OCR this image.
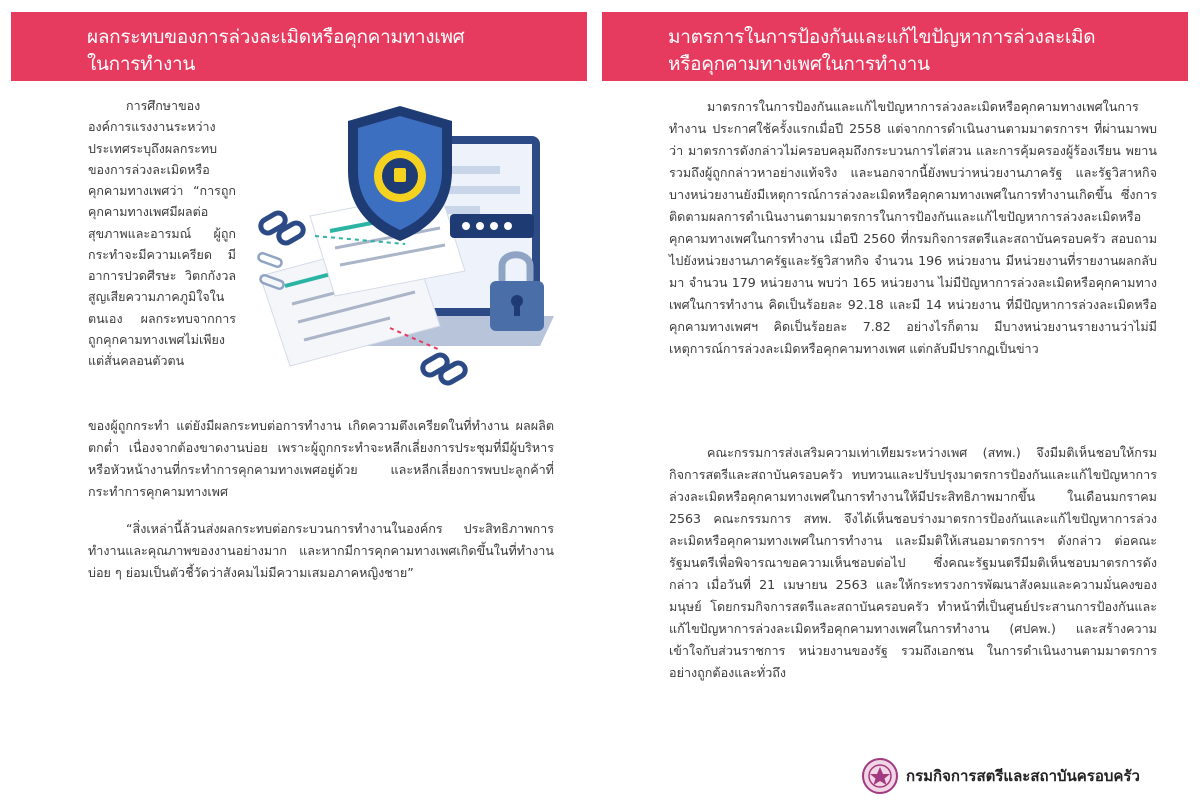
ผลกระทบของการล่วงละเมิดหรือคุกคามทางเพศ
ในการทำงาน
มาตรการในการป้องกันและแก้ไขปัญหาการล่วงละเมิด
หรือคุกคามทางเพศในการทำงาน

การศึกษาขององค์การแรงงานระหว่างประเทศระบุถึงผลกระทบของการล่วงละเมิดหรือคุกคามทางเพศว่า “การถูกคุกคามทางเพศมีผลต่อสุขภาพและอารมณ์ ผู้ถูกกระทำจะมีความเครียด มีอาการปวดศีรษะ วิตกกังวล สูญเสียความภาคภูมิใจในตนเอง ผลกระทบจากการถูกคุกคามทางเพศไม่เพียงแต่สั่นคลอนตัวตน

ของผู้ถูกกระทำ แต่ยังมีผลกระทบต่อการทำงาน เกิดความตึงเครียดในที่ทำงาน ผลผลิตตกต่ำ เนื่องจากต้องขาดงานบ่อย เพราะผู้ถูกกระทำจะหลีกเลี่ยงการประชุมที่มีผู้บริหารหรือหัวหน้างานที่กระทำการคุกคามทางเพศอยู่ด้วย และหลีกเลี่ยงการพบปะลูกค้าที่กระทำการคุกคามทางเพศ

“สิ่งเหล่านี้ล้วนส่งผลกระทบต่อกระบวนการทำงานในองค์กร ประสิทธิภาพการทำงานและคุณภาพของงานอย่างมาก และหากมีการคุกคามทางเพศเกิดขึ้นในที่ทำงานบ่อย ๆ ย่อมเป็นตัวชี้วัดว่าสังคมไม่มีความเสมอภาคหญิงชาย”

มาตรการในการป้องกันและแก้ไขปัญหาการล่วงละเมิดหรือคุกคามทางเพศในการทำงาน ประกาศใช้ครั้งแรกเมื่อปี 2558 แต่จากการดำเนินงานตามมาตรการฯ ที่ผ่านมาพบว่า มาตรการดังกล่าวไม่ครอบคลุมถึงกระบวนการไต่สวน และการคุ้มครองผู้ร้องเรียน พยาน รวมถึงผู้ถูกกล่าวหาอย่างแท้จริง และนอกจากนี้ยังพบว่าหน่วยงานภาครัฐ และรัฐวิสาหกิจบางหน่วยงานยังมีเหตุการณ์การล่วงละเมิดหรือคุกคามทางเพศในการทำงานเกิดขึ้น ซึ่งการติดตามผลการดำเนินงานตามมาตรการในการป้องกันและแก้ไขปัญหาการล่วงละเมิดหรือคุกคามทางเพศในการทำงาน เมื่อปี 2560 ที่กรมกิจการสตรีและสถาบันครอบครัว สอบถามไปยังหน่วยงานภาครัฐและรัฐวิสาหกิจ จำนวน 196 หน่วยงาน มีหน่วยงานที่รายงานผลกลับมา จำนวน 179 หน่วยงาน พบว่า 165 หน่วยงาน ไม่มีปัญหาการล่วงละเมิดหรือคุกคามทางเพศในการทำงาน คิดเป็นร้อยละ 92.18 และมี 14 หน่วยงาน ที่มีปัญหาการล่วงละเมิดหรือคุกคามทางเพศฯ คิดเป็นร้อยละ 7.82 อย่างไรก็ตาม มีบางหน่วยงานรายงานว่าไม่มีเหตุการณ์การล่วงละเมิดหรือคุกคามทางเพศ แต่กลับมีปรากฏเป็นข่าว

คณะกรรมการส่งเสริมความเท่าเทียมระหว่างเพศ (สทพ.) จึงมีมติเห็นชอบให้กรมกิจการสตรีและสถาบันครอบครัว ทบทวนและปรับปรุงมาตรการป้องกันและแก้ไขปัญหาการล่วงละเมิดหรือคุกคามทางเพศในการทำงานให้มีประสิทธิภาพมากขึ้น ในเดือนมกราคม 2563 คณะกรรมการ สทพ. จึงได้เห็นชอบร่างมาตรการป้องกันและแก้ไขปัญหาการล่วงละเมิดหรือคุกคามทางเพศในการทำงาน และมีมติให้เสนอมาตรการฯ ดังกล่าว ต่อคณะรัฐมนตรีเพื่อพิจารณาขอความเห็นชอบต่อไป ซึ่งคณะรัฐมนตรีมีมติเห็นชอบมาตรการดังกล่าว เมื่อวันที่ 21 เมษายน 2563 และให้กระทรวงการพัฒนาสังคมและความมั่นคงของมนุษย์ โดยกรมกิจการสตรีและสถาบันครอบครัว ทำหน้าที่เป็นศูนย์ประสานการป้องกันและแก้ไขปัญหาการล่วงละเมิดหรือคุกคามทางเพศในการทำงาน (ศปคพ.) และสร้างความเข้าใจกับส่วนราชการ หน่วยงานของรัฐ รวมถึงเอกชน ในการดำเนินงานตามมาตรการอย่างถูกต้องและทั่วถึง

กรมกิจการสตรีและสถาบันครอบครัว
